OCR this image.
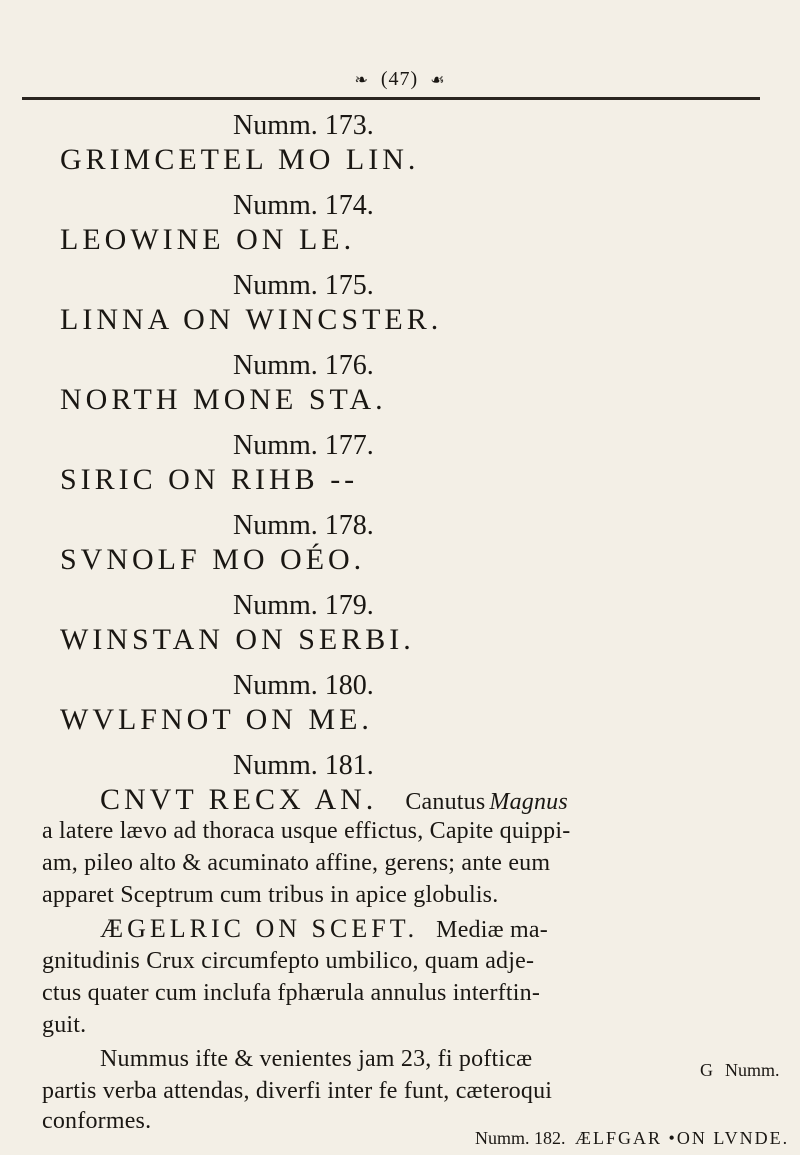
❧ (47) ☙
Numm. 173.
GRIMCETEL MO LIN.
Numm. 174.
LEOWINE ON LE.
Numm. 175.
LINNA ON WINCSTER.
Numm. 176.
NORTH MONE STA.
Numm. 177.
SIRIC ON RIHB --
Numm. 178.
SVNOLF MO OÉO.
Numm. 179.
WINSTAN ON SERBI.
Numm. 180.
WVLFNOT ON ME.
Numm. 181.
CNVT RECX AN. Canutus Magnus
a latere lævo ad thoraca usque effictus, Capite quippi-
am, pileo alto & acuminato affine, gerens; ante eum
apparet Sceptrum cum tribus in apice globulis.
ÆGELRIC ON SCEFT. Mediæ ma-
gnitudinis Crux circumfepto umbilico, quam adje-
ctus quater cum inclufa fphærula annulus interftin-
guit.
Nummus ifte & venientes jam 23, fi pofticæ
partis verba attendas, diverfi inter fe funt, cæteroqui
conformes.
Numm. 182. ÆLFGAR •ON LVNDE.
G Numm.
